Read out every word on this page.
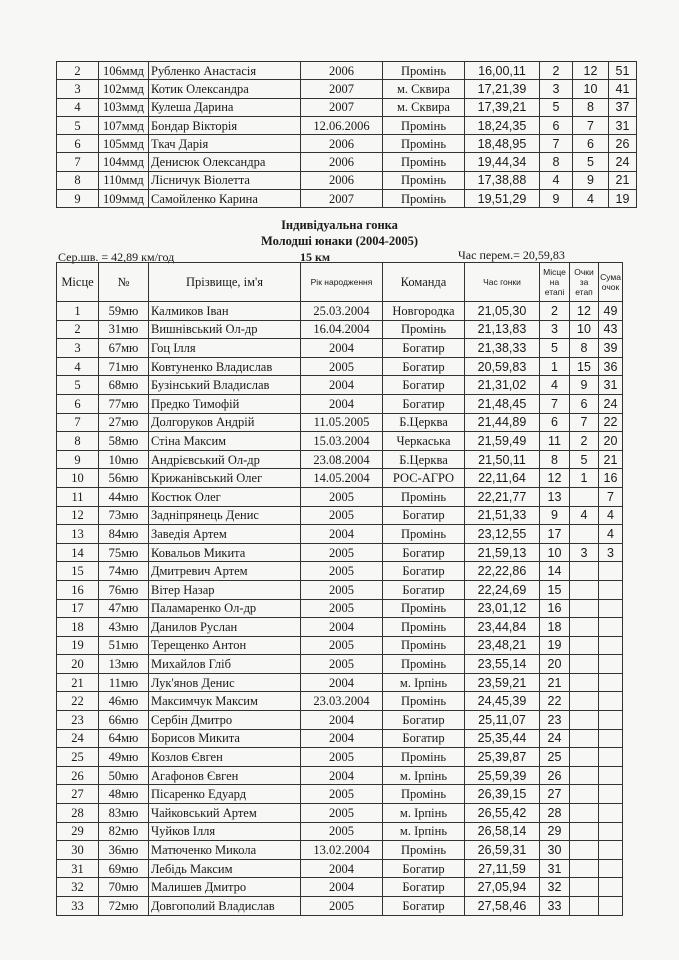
2	106ммд	Рубленко Анастасія	2006	Промінь	16,00,11	2	12	51
3	102ммд	Котик Олександра	2007	м. Сквира	17,21,39	3	10	41
4	103ммд	Кулеша Дарина	2007	м. Сквира	17,39,21	5	8	37
5	107ммд	Бондар Вікторія	12.06.2006	Промінь	18,24,35	6	7	31
6	105ммд	Ткач Дарія	2006	Промінь	18,48,95	7	6	26
7	104ммд	Денисюк Олександра	2006	Промінь	19,44,34	8	5	24
8	110ммд	Лісничук Віолетта	2006	Промінь	17,38,88	4	9	21
9	109ммд	Самойленко Карина	2007	Промінь	19,51,29	9	4	19
Індивідуальна гонка
Молодші юнаки (2004-2005)
Сер.шв. = 42,89 км/год	15 км	Час перем.= 20,59,83
Місце	№	Прізвище, ім'я	Рік народження	Команда	Час гонки	Місце на етапі	Очки за етап	Сума очок
1	59мю	Калмиков Іван	25.03.2004	Новгородка	21,05,30	2	12	49
2	31мю	Вишнівський Ол-др	16.04.2004	Промінь	21,13,83	3	10	43
3	67мю	Гоц Ілля	2004	Богатир	21,38,33	5	8	39
4	71мю	Ковтуненко Владислав	2005	Богатир	20,59,83	1	15	36
5	68мю	Бузінський Владислав	2004	Богатир	21,31,02	4	9	31
6	77мю	Предко Тимофій	2004	Богатир	21,48,45	7	6	24
7	27мю	Долгоруков Андрій	11.05.2005	Б.Церква	21,44,89	6	7	22
8	58мю	Стіна Максим	15.03.2004	Черкаська	21,59,49	11	2	20
9	10мю	Андрієвський Ол-др	23.08.2004	Б.Церква	21,50,11	8	5	21
10	56мю	Крижанівський Олег	14.05.2004	РОС-АГРО	22,11,64	12	1	16
11	44мю	Костюк Олег	2005	Промінь	22,21,77	13		7
12	73мю	Задніпрянець Денис	2005	Богатир	21,51,33	9	4	4
13	84мю	Заведія Артем	2004	Промінь	23,12,55	17		4
14	75мю	Ковальов Микита	2005	Богатир	21,59,13	10	3	3
15	74мю	Дмитревич Артем	2005	Богатир	22,22,86	14		
16	76мю	Вітер Назар	2005	Богатир	22,24,69	15		
17	47мю	Паламаренко Ол-др	2005	Промінь	23,01,12	16		
18	43мю	Данилов Руслан	2004	Промінь	23,44,84	18		
19	51мю	Терещенко Антон	2005	Промінь	23,48,21	19		
20	13мю	Михайлов Гліб	2005	Промінь	23,55,14	20		
21	11мю	Лук'янов Денис	2004	м. Ірпінь	23,59,21	21		
22	46мю	Максимчук Максим	23.03.2004	Промінь	24,45,39	22		
23	66мю	Сербін Дмитро	2004	Богатир	25,11,07	23		
24	64мю	Борисов Микита	2004	Богатир	25,35,44	24		
25	49мю	Козлов Євген	2005	Промінь	25,39,87	25		
26	50мю	Агафонов Євген	2004	м. Ірпінь	25,59,39	26		
27	48мю	Пісаренко Едуард	2005	Промінь	26,39,15	27		
28	83мю	Чайковський Артем	2005	м. Ірпінь	26,55,42	28		
29	82мю	Чуйков Ілля	2005	м. Ірпінь	26,58,14	29		
30	36мю	Матюченко Микола	13.02.2004	Промінь	26,59,31	30		
31	69мю	Лебідь Максим	2004	Богатир	27,11,59	31		
32	70мю	Малишев Дмитро	2004	Богатир	27,05,94	32		
33	72мю	Довгополий Владислав	2005	Богатир	27,58,46	33		
